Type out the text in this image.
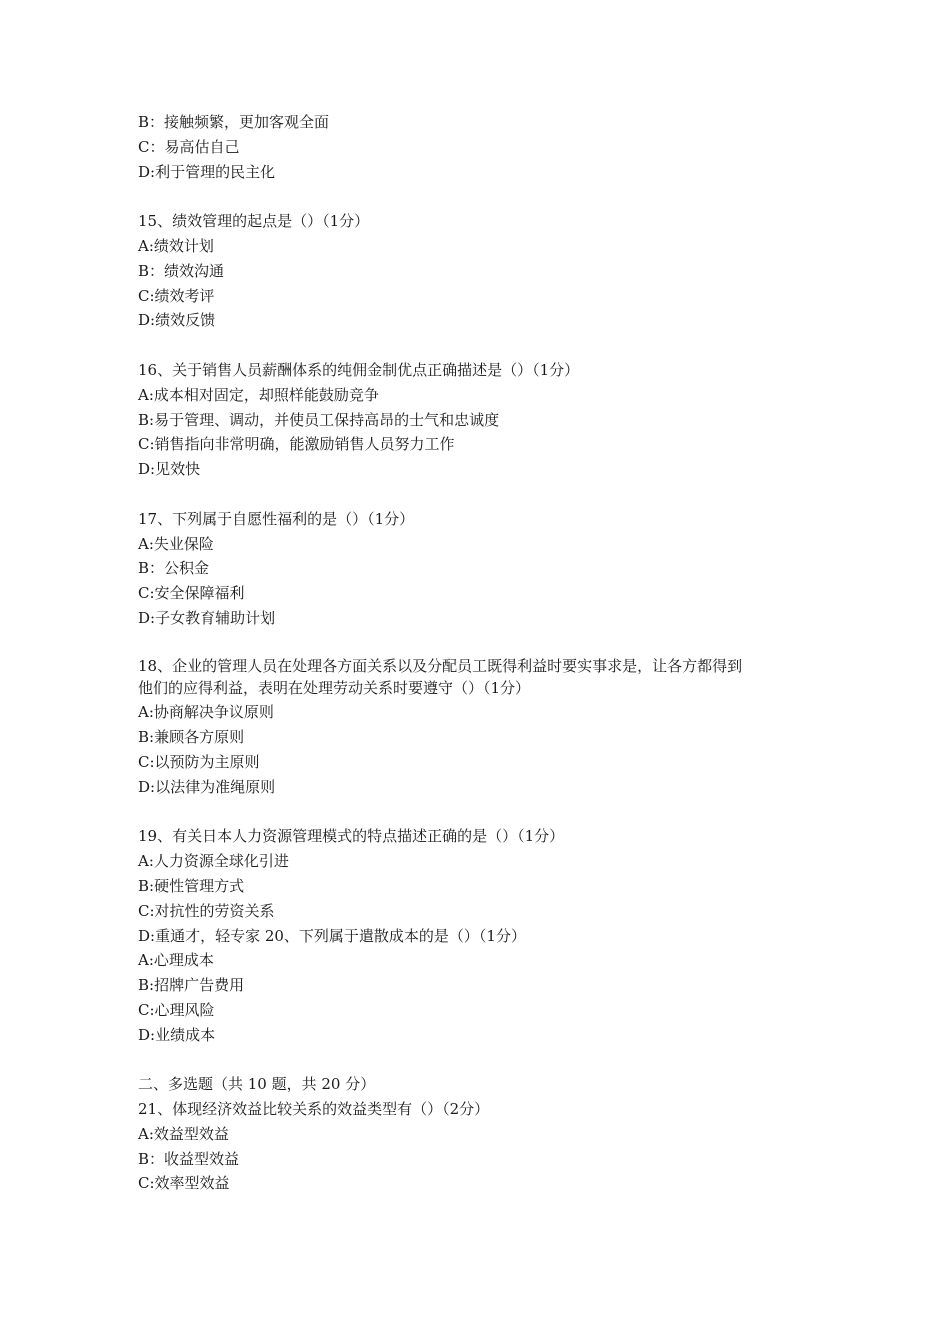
B：接触频繁，更加客观全面
C：易高估自己
D:利于管理的民主化
15、绩效管理的起点是（）（1分）
A:绩效计划
B：绩效沟通
C:绩效考评
D:绩效反馈
16、关于销售人员薪酬体系的纯佣金制优点正确描述是（）（1分）
A:成本相对固定，却照样能鼓励竞争
B:易于管理、调动，并使员工保持高昂的士气和忠诚度
C:销售指向非常明确，能激励销售人员努力工作
D:见效快
17、下列属于自愿性福利的是（）（1分）
A:失业保险
B：公积金
C:安全保障福利
D:子女教育辅助计划
18、企业的管理人员在处理各方面关系以及分配员工既得利益时要实事求是，让各方都得到
他们的应得利益，表明在处理劳动关系时要遵守（）（1分）
A:协商解决争议原则
B:兼顾各方原则
C:以预防为主原则
D:以法律为准绳原则
19、有关日本人力资源管理模式的特点描述正确的是（）（1分）
A:人力资源全球化引进
B:硬性管理方式
C:对抗性的劳资关系
D:重通才，轻专家 20、下列属于遣散成本的是（）（1分）
A:心理成本
B:招牌广告费用
C:心理风险
D:业绩成本
二、多选题（共 10 题，共 20 分）
21、体现经济效益比较关系的效益类型有（）（2分）
A:效益型效益
B：收益型效益
C:效率型效益
